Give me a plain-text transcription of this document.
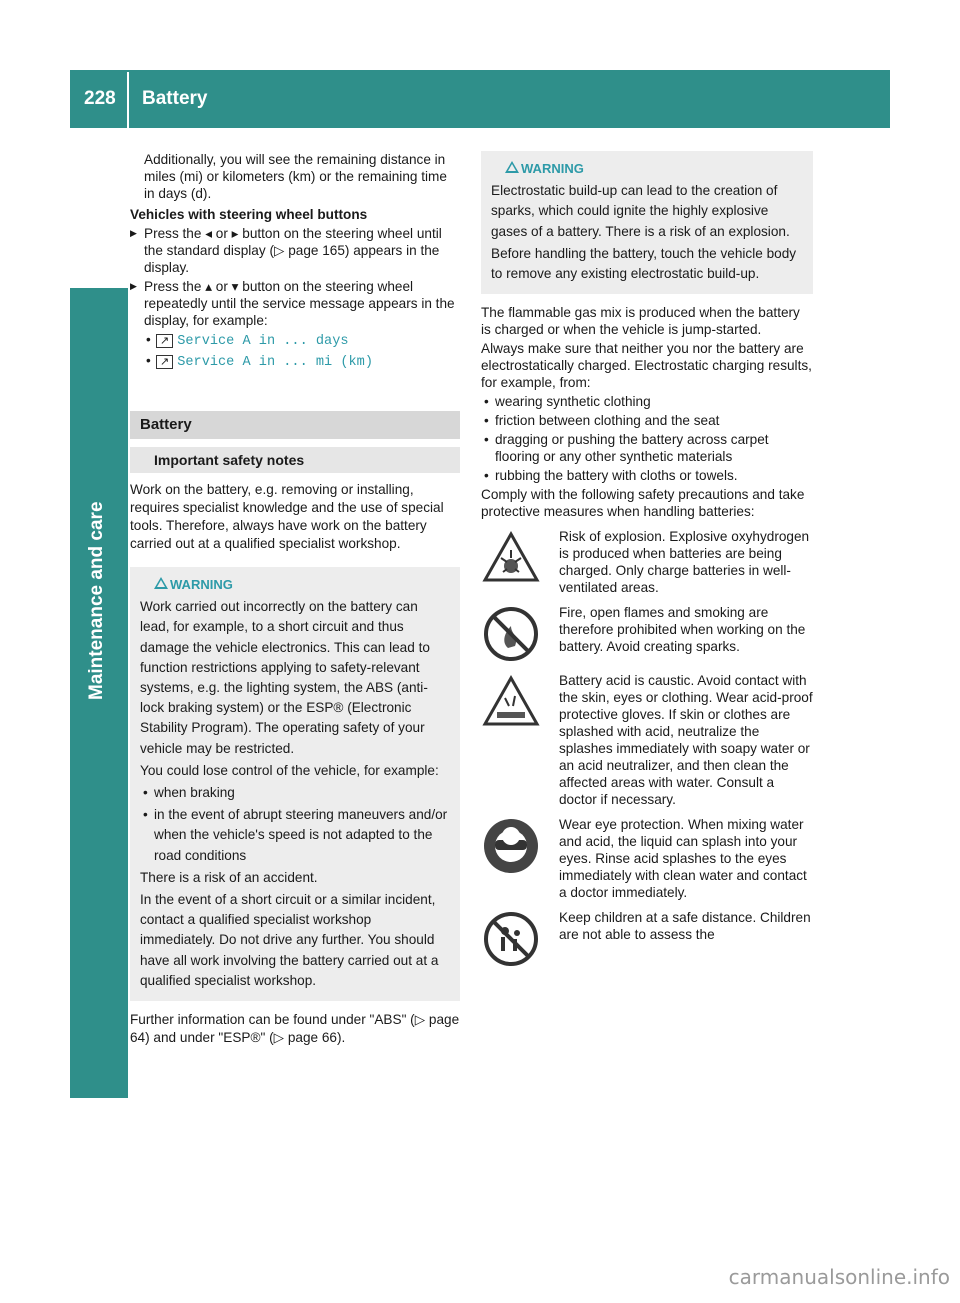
228 Battery
Maintenance and care

Additionally, you will see the remaining distance in miles (mi) or kilometers (km) or the remaining time in days (d).

Vehicles with steering wheel buttons

▶ Press the ◂ or ▸ button on the steering wheel until the standard display (▷ page 165) appears in the display.

▶ Press the ▴ or ▾ button on the steering wheel repeatedly until the service message appears in the display, for example:

• ↗ Service A in ... days

• ↗ Service A in ... mi (km)

Battery
Important safety notes

Work on the battery, e.g. removing or installing, requires specialist knowledge and the use of special tools. Therefore, always have work on the battery carried out at a qualified specialist workshop.

WARNING

Work carried out incorrectly on the battery can lead, for example, to a short circuit and thus damage the vehicle electronics. This can lead to function restrictions applying to safety-relevant systems, e.g. the lighting system, the ABS (anti-lock braking system) or the ESP® (Electronic Stability Program). The operating safety of your vehicle may be restricted.

You could lose control of the vehicle, for example:

• when braking

• in the event of abrupt steering maneuvers and/or when the vehicle's speed is not adapted to the road conditions

There is a risk of an accident.

In the event of a short circuit or a similar incident, contact a qualified specialist workshop immediately. Do not drive any further. You should have all work involving the battery carried out at a qualified specialist workshop.

Further information can be found under "ABS" (▷ page 64) and under "ESP®" (▷ page 66).

WARNING

Electrostatic build-up can lead to the creation of sparks, which could ignite the highly explosive gases of a battery. There is a risk of an explosion.

Before handling the battery, touch the vehicle body to remove any existing electrostatic build-up.

The flammable gas mix is produced when the battery is charged or when the vehicle is jump-started.

Always make sure that neither you nor the battery are electrostatically charged. Electrostatic charging results, for example, from:

• wearing synthetic clothing

• friction between clothing and the seat

• dragging or pushing the battery across carpet flooring or any other synthetic materials

• rubbing the battery with cloths or towels.

Comply with the following safety precautions and take protective measures when handling batteries:

Risk of explosion. Explosive oxyhydrogen is produced when batteries are being charged. Only charge batteries in well-ventilated areas.
Fire, open flames and smoking are therefore prohibited when working on the battery. Avoid creating sparks.
Battery acid is caustic. Avoid contact with the skin, eyes or clothing. Wear acid-proof protective gloves. If skin or clothes are splashed with acid, neutralize the splashes immediately with soapy water or an acid neutralizer, and then clean the affected areas with water. Consult a doctor if necessary.
Wear eye protection. When mixing water and acid, the liquid can splash into your eyes. Rinse acid splashes to the eyes immediately with clean water and contact a doctor immediately.
Keep children at a safe distance. Children are not able to assess the
carmanualsonline.info
